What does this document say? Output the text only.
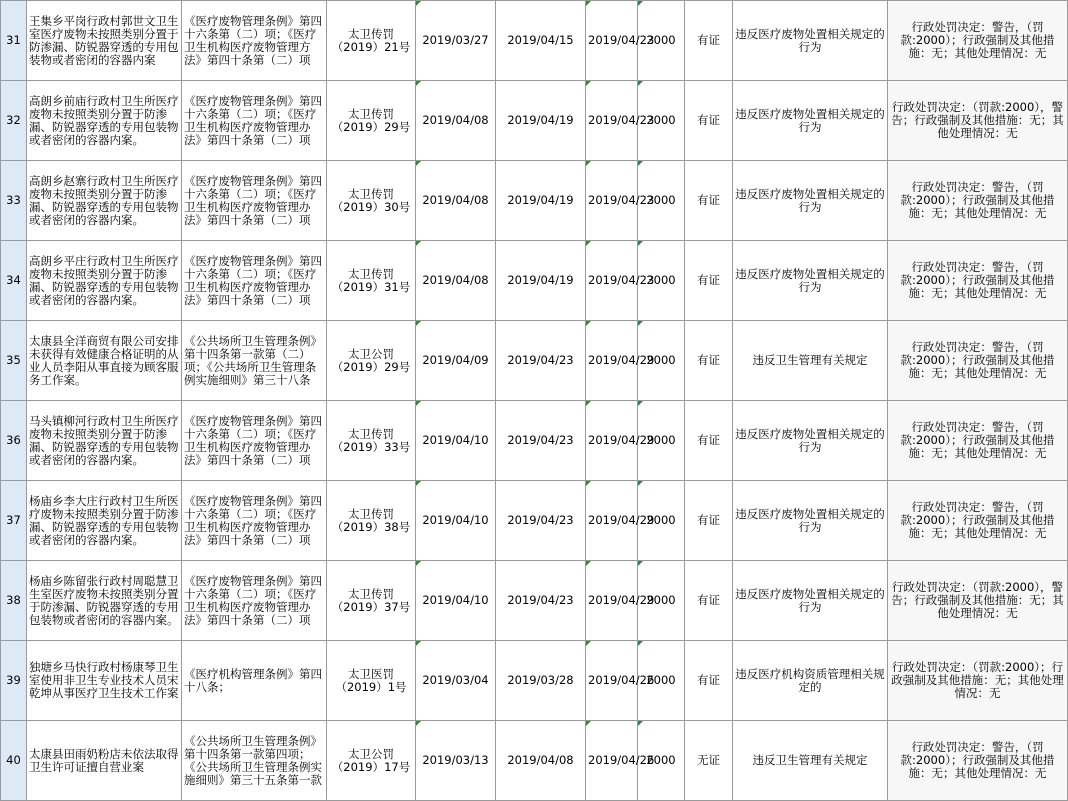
31	王集乡平岗行政村郭世文卫生室医疗废物未按照类别分置于防渗漏、防锐器穿透的专用包装物或者密闭的容器内案	《医疗废物管理条例》第四十六条第（二）项；《医疗卫生机构医疗废物管理方法》第四十条第（二）项	太卫传罚（2019）21号	2019/03/27	2019/04/15	2019/04/23	2000	有证	违反医疗废物处置相关规定的行为	行政处罚决定：警告，（罚款:2000）；行政强制及其他措施：无；其他处理情况：无
32	高朗乡前庙行政村卫生所医疗废物未按照类别分置于防渗漏、防锐器穿透的专用包装物或者密闭的容器内案。	《医疗废物管理条例》第四十六条第（二）项；《医疗卫生机构医疗废物管理办法》第四十条第（二）项	太卫传罚（2019）29号	2019/04/08	2019/04/19	2019/04/23	2000	有证	违反医疗废物处置相关规定的行为	行政处罚决定：（罚款:2000），警告；行政强制及其他措施：无；其他处理情况：无
33	高朗乡赵寨行政村卫生所医疗废物未按照类别分置于防渗漏、防锐器穿透的专用包装物或者密闭的容器内案。	《医疗废物管理条例》第四十六条第（二）项；《医疗卫生机构医疗废物管理办法》第四十条第（二）项	太卫传罚（2019）30号	2019/04/08	2019/04/19	2019/04/23	2000	有证	违反医疗废物处置相关规定的行为	行政处罚决定：警告，（罚款:2000）；行政强制及其他措施：无；其他处理情况：无
34	高朗乡平庄行政村卫生所医疗废物未按照类别分置于防渗漏、防锐器穿透的专用包装物或者密闭的容器内案。	《医疗废物管理条例》第四十六条第（二）项；《医疗卫生机构医疗废物管理办法》第四十条第（二）项	太卫传罚（2019）31号	2019/04/08	2019/04/19	2019/04/23	2000	有证	违反医疗废物处置相关规定的行为	行政处罚决定：警告，（罚款:2000）；行政强制及其他措施：无；其他处理情况：无
35	太康县全洋商贸有限公司安排未获得有效健康合格证明的从业人员李阳从事直接为顾客服务工作案。	《公共场所卫生管理条例》第十四条第一款第（二）项；《公共场所卫生管理条例实施细则》第三十八条	太卫公罚（2019）29号	2019/04/09	2019/04/23	2019/04/29	2000	有证	违反卫生管理有关规定	行政处罚决定：警告，（罚款:2000）；行政强制及其他措施：无；其他处理情况：无
36	马头镇柳河行政村卫生所医疗废物未按照类别分置于防渗漏、防锐器穿透的专用包装物或者密闭的容器内案。	《医疗废物管理条例》第四十六条第（二）项；《医疗卫生机构医疗废物管理办法》第四十条第（二）项	太卫传罚（2019）33号	2019/04/10	2019/04/23	2019/04/29	2000	有证	违反医疗废物处置相关规定的行为	行政处罚决定：警告，（罚款:2000）；行政强制及其他措施：无；其他处理情况：无
37	杨庙乡李大庄行政村卫生所医疗废物未按照类别分置于防渗漏、防锐器穿透的专用包装物或者密闭的容器内案。	《医疗废物管理条例》第四十六条第（二）项；《医疗卫生机构医疗废物管理办法》第四十条第（二）项	太卫传罚（2019）38号	2019/04/10	2019/04/23	2019/04/29	2000	有证	违反医疗废物处置相关规定的行为	行政处罚决定：警告，（罚款:2000）；行政强制及其他措施：无；其他处理情况：无
38	杨庙乡陈留张行政村周聪慧卫生室医疗废物未按照类别分置于防渗漏、防锐器穿透的专用包装物或者密闭的容器内案。	《医疗废物管理条例》第四十六条第（二）项；《医疗卫生机构医疗废物管理办法》第四十条第（二）项	太卫传罚（2019）37号	2019/04/10	2019/04/23	2019/04/29	2000	有证	违反医疗废物处置相关规定的行为	行政处罚决定：（罚款:2000），警告；行政强制及其他措施：无；其他处理情况：无
39	独塘乡马快行政村杨康琴卫生室使用非卫生专业技术人员宋乾坤从事医疗卫生技术工作案	《医疗机构管理条例》第四十八条；	太卫医罚（2019）1号	2019/03/04	2019/03/28	2019/04/26	2000	有证	违反医疗机构资质管理相关规定的	行政处罚决定：（罚款:2000）；行政强制及其他措施：无；其他处理情况：无
40	太康县田雨奶粉店未依法取得卫生许可证擅自营业案	《公共场所卫生管理条例》第十四条第一款第四项；《公共场所卫生管理条例实施细则》第三十五条第一款	太卫公罚（2019）17号	2019/03/13	2019/04/08	2019/04/26	2000	无证	违反卫生管理有关规定	行政处罚决定：警告，（罚款:2000）；行政强制及其他措施：无；其他处理情况：无
